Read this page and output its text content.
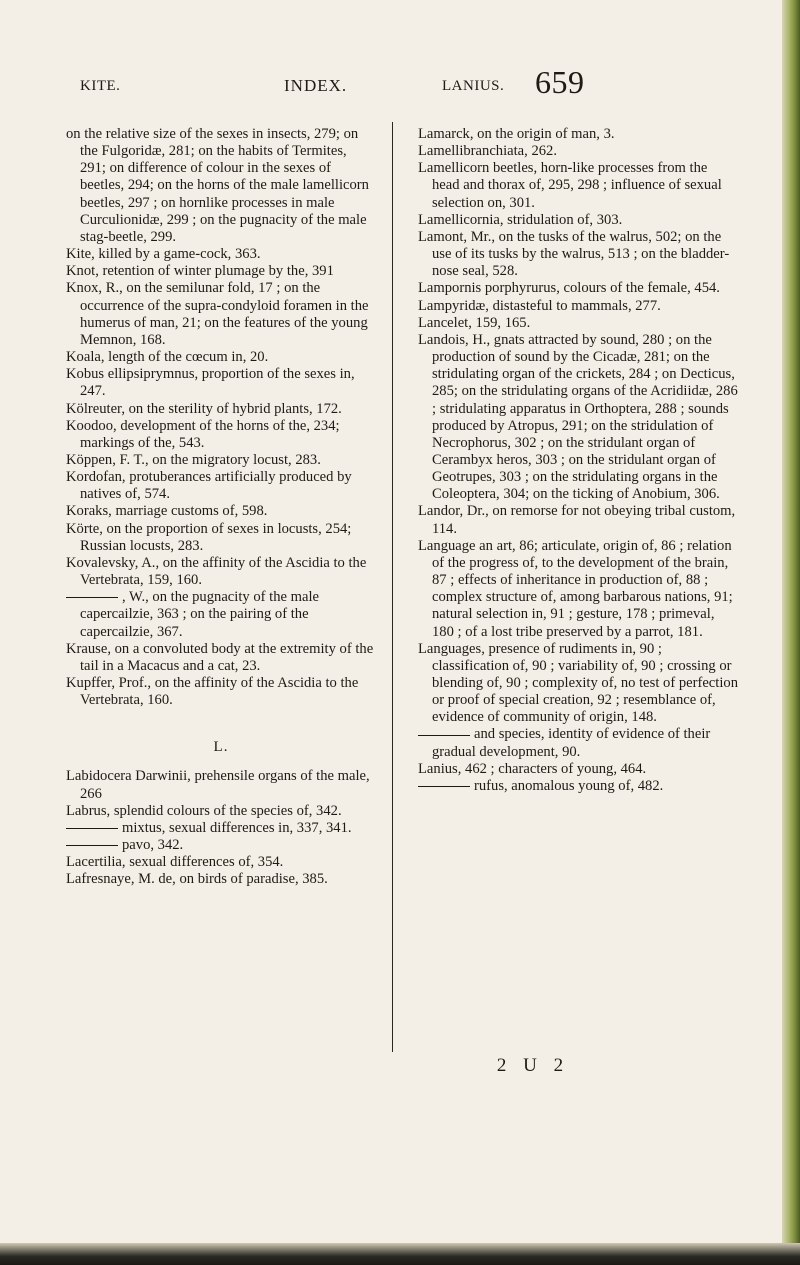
KITE.	INDEX.	LANIUS. 659

on the relative size of the sexes in insects, 279; on the Fulgoridæ, 281; on the habits of Termites, 291; on difference of colour in the sexes of beetles, 294; on the horns of the male lamellicorn beetles, 297 ; on hornlike processes in male Curculionidæ, 299 ; on the pugnacity of the male stag-beetle, 299.

Kite, killed by a game-cock, 363.

Knot, retention of winter plumage by the, 391

Knox, R., on the semilunar fold, 17 ; on the occurrence of the supra-condyloid foramen in the humerus of man, 21; on the features of the young Memnon, 168.

Koala, length of the cœcum in, 20.

Kobus ellipsiprymnus, proportion of the sexes in, 247.

Kölreuter, on the sterility of hybrid plants, 172.

Koodoo, development of the horns of the, 234; markings of the, 543.

Köppen, F. T., on the migratory locust, 283.

Kordofan, protuberances artificially produced by natives of, 574.

Koraks, marriage customs of, 598.

Körte, on the proportion of sexes in locusts, 254; Russian locusts, 283.

Kovalevsky, A., on the affinity of the Ascidia to the Vertebrata, 159, 160.

, W., on the pugnacity of the male capercailzie, 363 ; on the pairing of the capercailzie, 367.

Krause, on a convoluted body at the extremity of the tail in a Macacus and a cat, 23.

Kupffer, Prof., on the affinity of the Ascidia to the Vertebrata, 160.

L.

Labidocera Darwinii, prehensile organs of the male, 266

Labrus, splendid colours of the species of, 342.

mixtus, sexual differences in, 337, 341.

pavo, 342.

Lacertilia, sexual differences of, 354.

Lafresnaye, M. de, on birds of paradise, 385.

Lamarck, on the origin of man, 3.

Lamellibranchiata, 262.

Lamellicorn beetles, horn-like processes from the head and thorax of, 295, 298 ; influence of sexual selection on, 301.

Lamellicornia, stridulation of, 303.

Lamont, Mr., on the tusks of the walrus, 502; on the use of its tusks by the walrus, 513 ; on the bladder-nose seal, 528.

Lampornis porphyrurus, colours of the female, 454.

Lampyridæ, distasteful to mammals, 277.

Lancelet, 159, 165.

Landois, H., gnats attracted by sound, 280 ; on the production of sound by the Cicadæ, 281; on the stridulating organ of the crickets, 284 ; on Decticus, 285; on the stridulating organs of the Acridiidæ, 286 ; stridulating apparatus in Orthoptera, 288 ; sounds produced by Atropus, 291; on the stridulation of Necrophorus, 302 ; on the stridulant organ of Cerambyx heros, 303 ; on the stridulant organ of Geotrupes, 303 ; on the stridulating organs in the Coleoptera, 304; on the ticking of Anobium, 306.

Landor, Dr., on remorse for not obeying tribal custom, 114.

Language an art, 86; articulate, origin of, 86 ; relation of the progress of, to the development of the brain, 87 ; effects of inheritance in production of, 88 ; complex structure of, among barbarous nations, 91; natural selection in, 91 ; gesture, 178 ; primeval, 180 ; of a lost tribe preserved by a parrot, 181.

Languages, presence of rudiments in, 90 ; classification of, 90 ; variability of, 90 ; crossing or blending of, 90 ; complexity of, no test of perfection or proof of special creation, 92 ; resemblance of, evidence of community of origin, 148.

and species, identity of evidence of their gradual development, 90.

Lanius, 462 ; characters of young, 464.

rufus, anomalous young of, 482.

2 U 2
